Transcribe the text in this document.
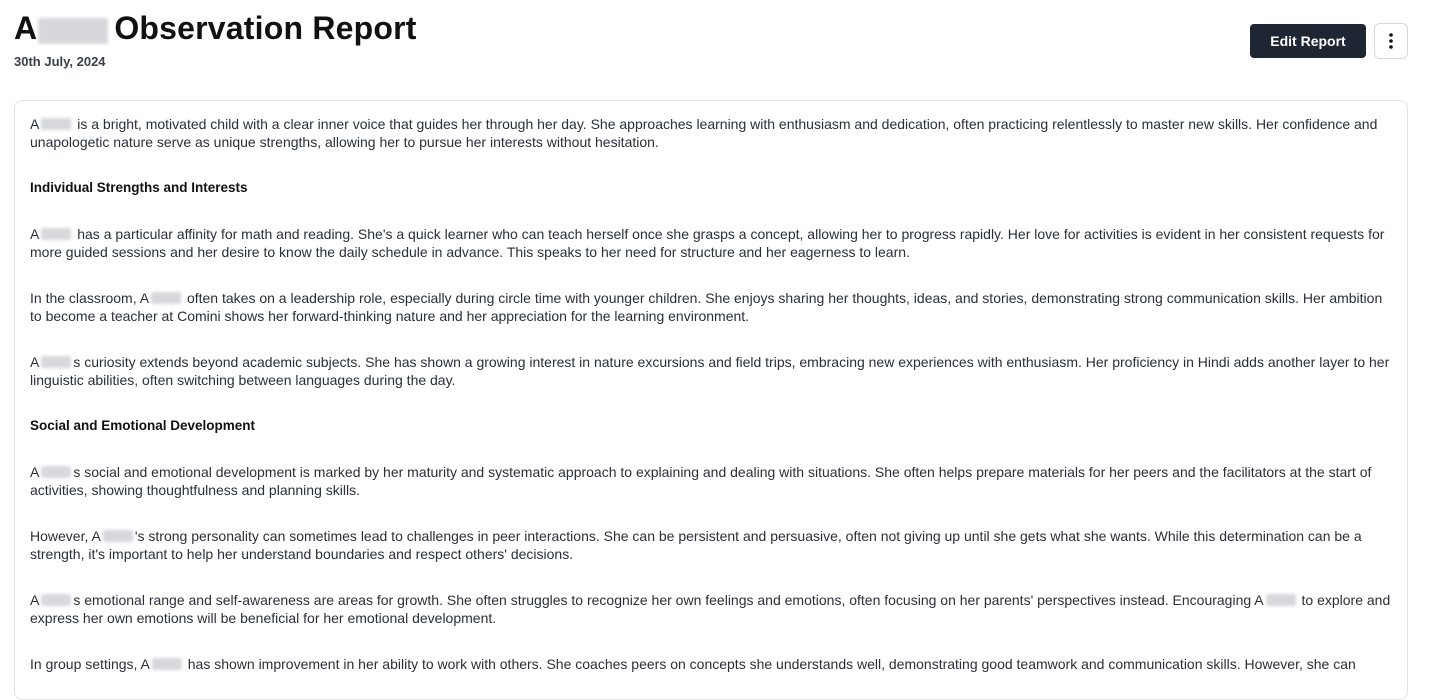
A Observation Report
30th July, 2024
Edit Report

A is a bright, motivated child with a clear inner voice that guides her through her day. She approaches learning with enthusiasm and dedication, often practicing relentlessly to master new skills. Her confidence and unapologetic nature serve as unique strengths, allowing her to pursue her interests without hesitation.

Individual Strengths and Interests

A has a particular affinity for math and reading. She's a quick learner who can teach herself once she grasps a concept, allowing her to progress rapidly. Her love for activities is evident in her consistent requests for more guided sessions and her desire to know the daily schedule in advance. This speaks to her need for structure and her eagerness to learn.

In the classroom, A often takes on a leadership role, especially during circle time with younger children. She enjoys sharing her thoughts, ideas, and stories, demonstrating strong communication skills. Her ambition to become a teacher at Comini shows her forward-thinking nature and her appreciation for the learning environment.

A s curiosity extends beyond academic subjects. She has shown a growing interest in nature excursions and field trips, embracing new experiences with enthusiasm. Her proficiency in Hindi adds another layer to her linguistic abilities, often switching between languages during the day.

Social and Emotional Development

A s social and emotional development is marked by her maturity and systematic approach to explaining and dealing with situations. She often helps prepare materials for her peers and the facilitators at the start of activities, showing thoughtfulness and planning skills.

However, A 's strong personality can sometimes lead to challenges in peer interactions. She can be persistent and persuasive, often not giving up until she gets what she wants. While this determination can be a strength, it's important to help her understand boundaries and respect others' decisions.

A s emotional range and self-awareness are areas for growth. She often struggles to recognize her own feelings and emotions, often focusing on her parents' perspectives instead. Encouraging A to explore and express her own emotions will be beneficial for her emotional development.

In group settings, A has shown improvement in her ability to work with others. She coaches peers on concepts she understands well, demonstrating good teamwork and communication skills. However, she can
